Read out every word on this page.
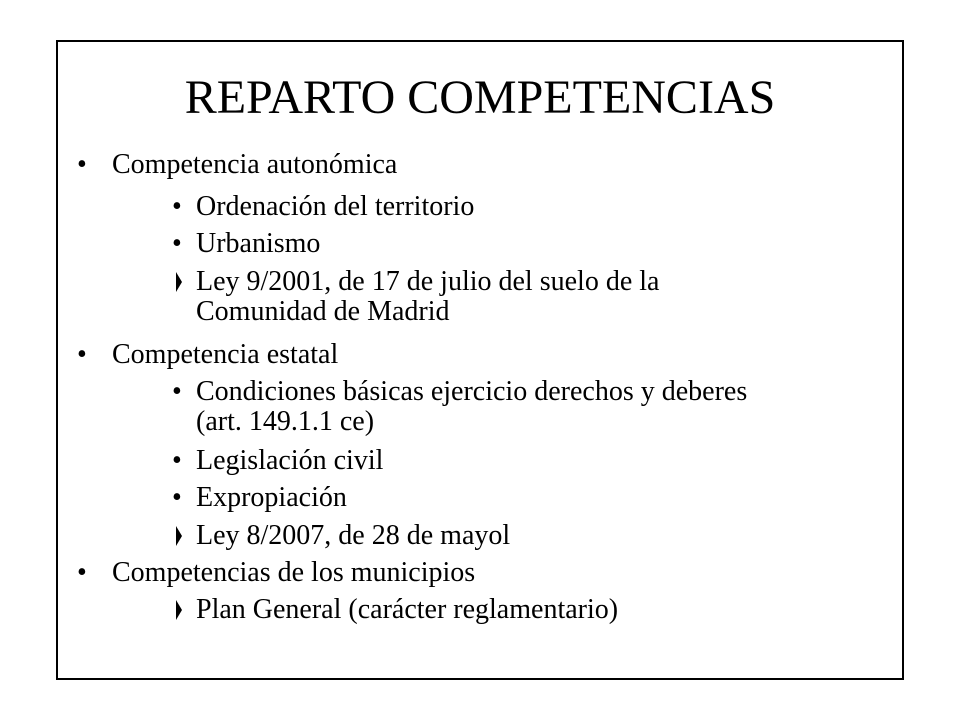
REPARTO COMPETENCIAS
• Competencia autonómica
• Ordenación del territorio
• Urbanismo
Ley 9/2001, de 17 de julio del suelo de la
Comunidad de Madrid
• Competencia estatal
• Condiciones básicas ejercicio derechos y deberes
(art. 149.1.1 ce)
• Legislación civil
• Expropiación
Ley 8/2007, de 28 de mayol
• Competencias de los municipios
Plan General (carácter reglamentario)
